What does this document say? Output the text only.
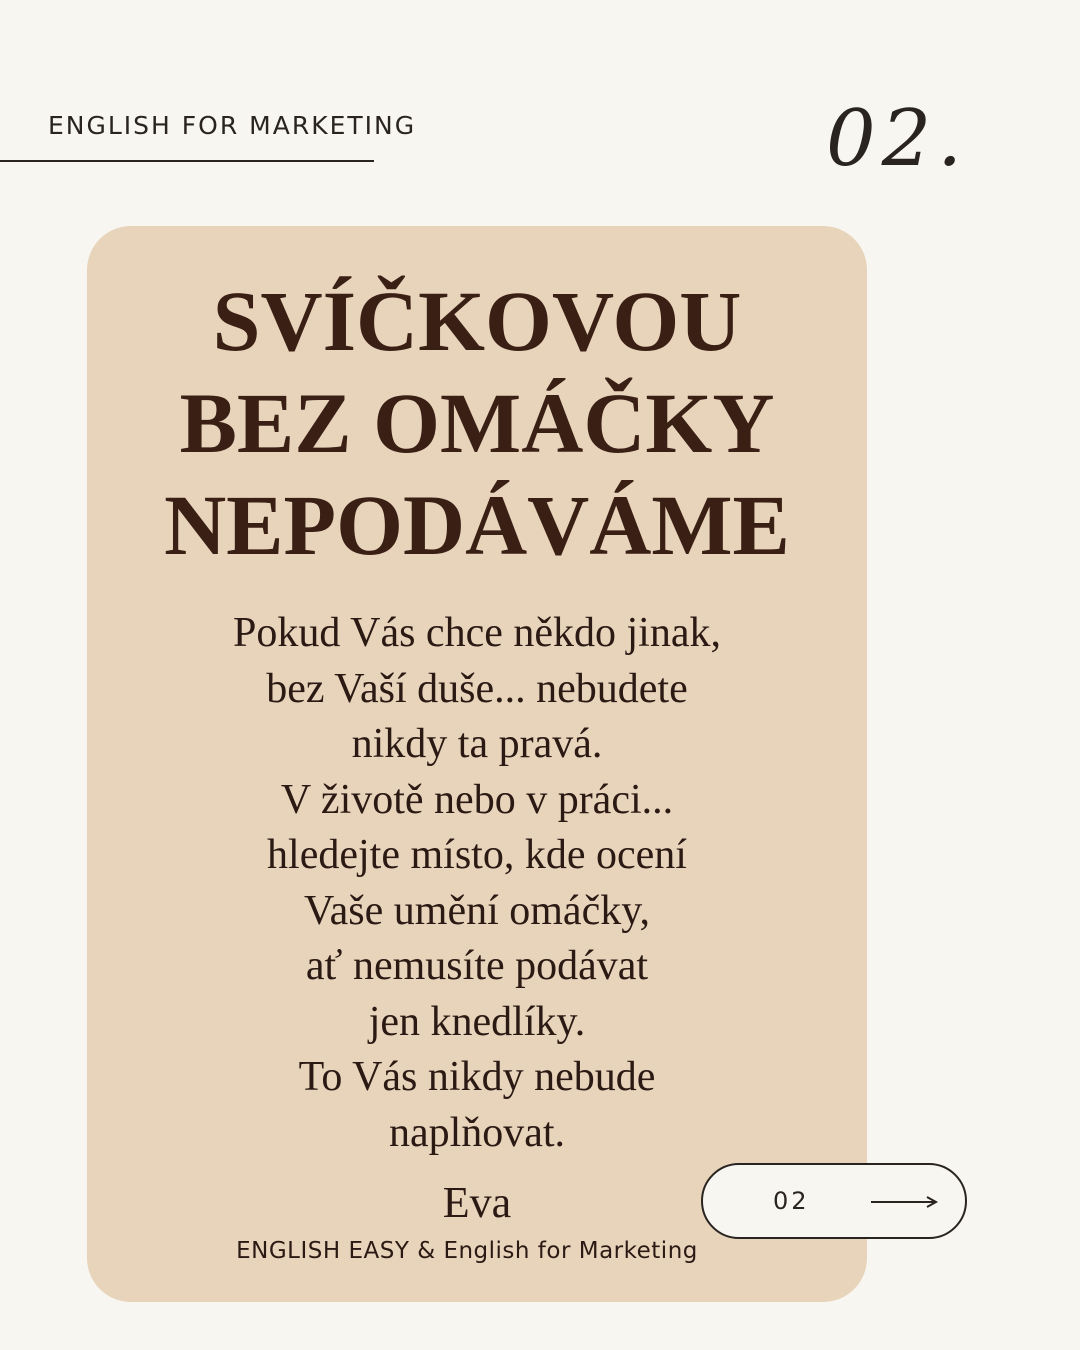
ENGLISH FOR MARKETING	02.
SVÍČKOVOU
BEZ OMÁČKY
NEPODÁVÁME
Pokud Vás chce někdo jinak,
bez Vaší duše... nebudete
nikdy ta pravá.
V životě nebo v práci...
hledejte místo, kde ocení
Vaše umění omáčky,
ať nemusíte podávat
jen knedlíky.
To Vás nikdy nebude
naplňovat.
Eva
ENGLISH EASY & English for Marketing
02
